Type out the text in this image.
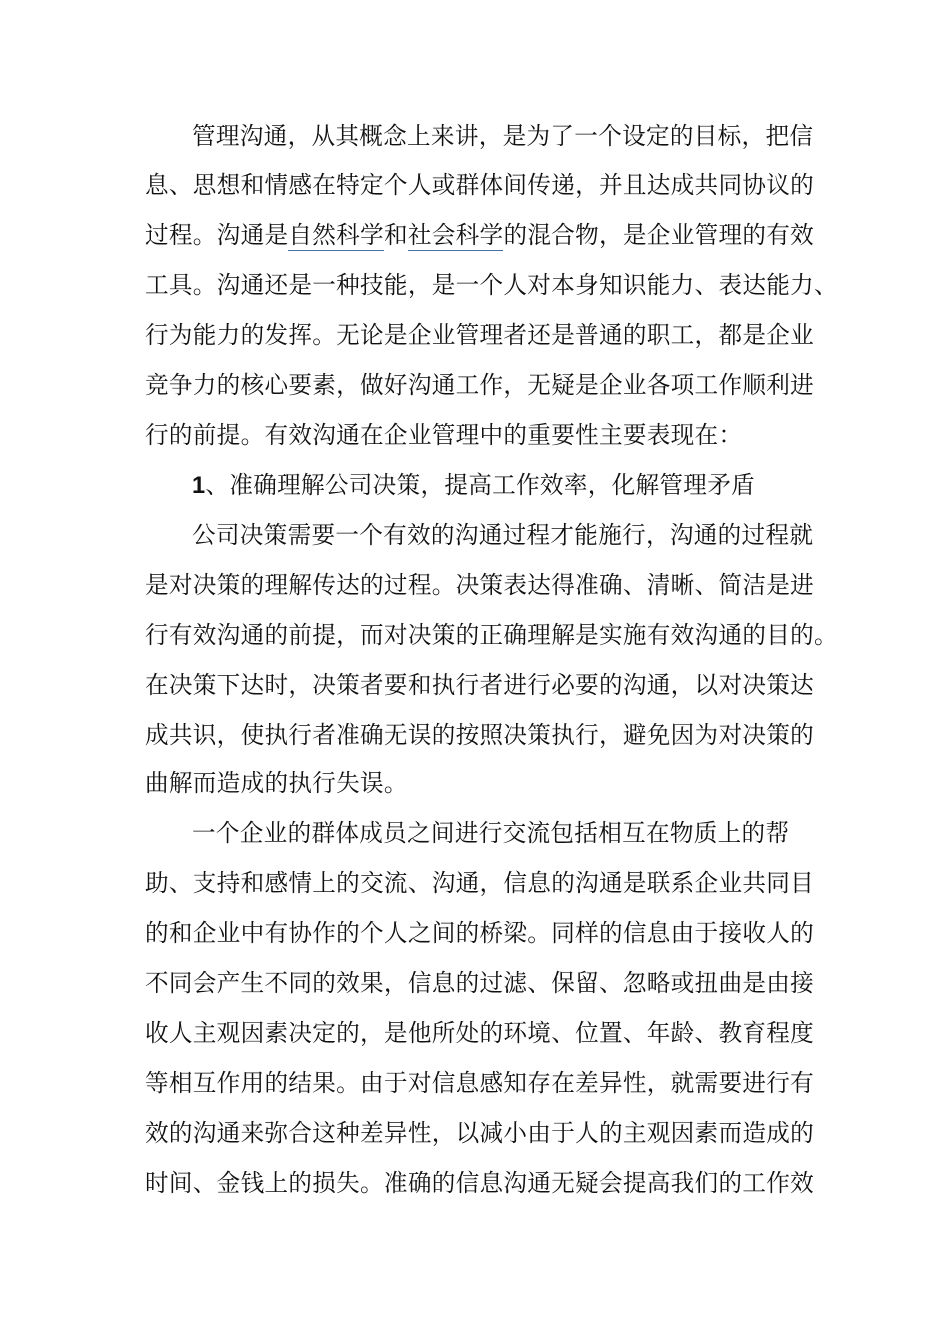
管理沟通，从其概念上来讲，是为了一个设定的目标，把信
息、思想和情感在特定个人或群体间传递，并且达成共同协议的
过程。沟通是自然科学和社会科学的混合物，是企业管理的有效
工具。沟通还是一种技能，是一个人对本身知识能力、表达能力、
行为能力的发挥。无论是企业管理者还是普通的职工，都是企业
竞争力的核心要素，做好沟通工作，无疑是企业各项工作顺利进
行的前提。有效沟通在企业管理中的重要性主要表现在：
1、准确理解公司决策，提高工作效率，化解管理矛盾
公司决策需要一个有效的沟通过程才能施行，沟通的过程就
是对决策的理解传达的过程。决策表达得准确、清晰、简洁是进
行有效沟通的前提，而对决策的正确理解是实施有效沟通的目的。
在决策下达时，决策者要和执行者进行必要的沟通，以对决策达
成共识，使执行者准确无误的按照决策执行，避免因为对决策的
曲解而造成的执行失误。
一个企业的群体成员之间进行交流包括相互在物质上的帮
助、支持和感情上的交流、沟通，信息的沟通是联系企业共同目
的和企业中有协作的个人之间的桥梁。同样的信息由于接收人的
不同会产生不同的效果，信息的过滤、保留、忽略或扭曲是由接
收人主观因素决定的，是他所处的环境、位置、年龄、教育程度
等相互作用的结果。由于对信息感知存在差异性，就需要进行有
效的沟通来弥合这种差异性，以减小由于人的主观因素而造成的
时间、金钱上的损失。准确的信息沟通无疑会提高我们的工作效
